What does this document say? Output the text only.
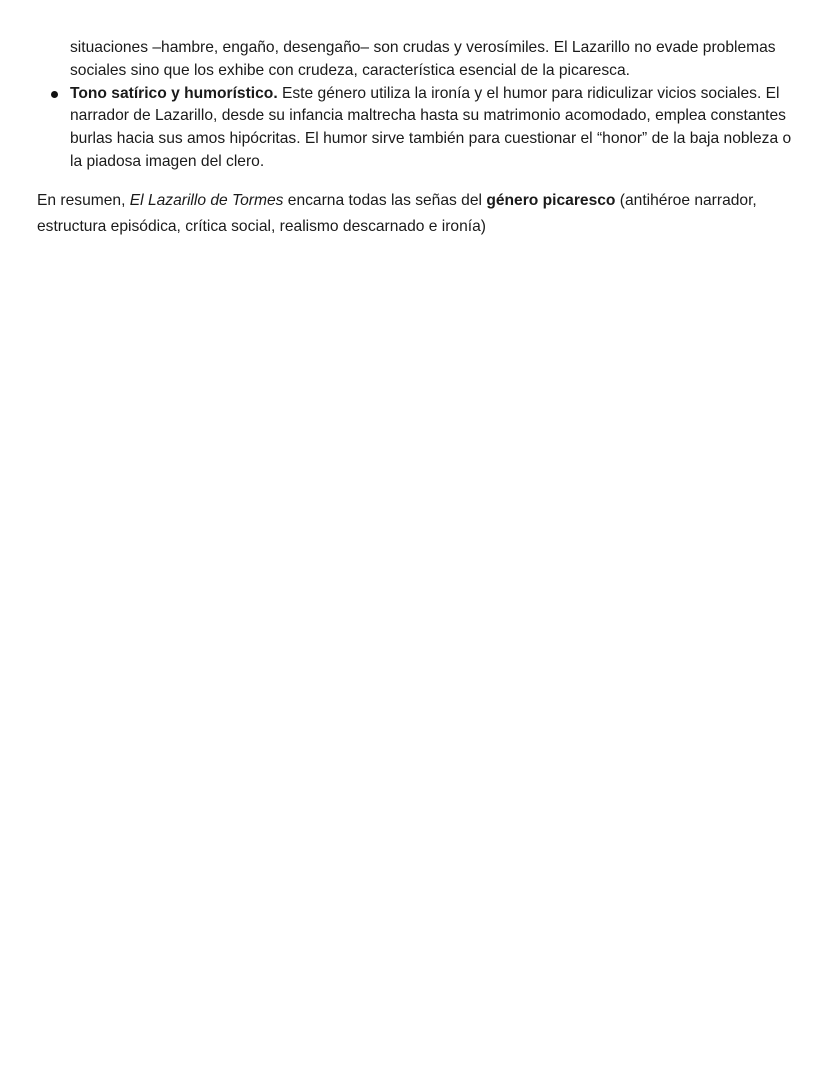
situaciones –hambre, engaño, desengaño– son crudas y verosímiles. El Lazarillo no evade problemas sociales sino que los exhibe con crudeza, característica esencial de la picaresca.

Tono satírico y humorístico. Este género utiliza la ironía y el humor para ridiculizar vicios sociales. El narrador de Lazarillo, desde su infancia maltrecha hasta su matrimonio acomodado, emplea constantes burlas hacia sus amos hipócritas. El humor sirve también para cuestionar el “honor” de la baja nobleza o la piadosa imagen del clero.

En resumen, El Lazarillo de Tormes encarna todas las señas del género picaresco (antihéroe narrador, estructura episódica, crítica social, realismo descarnado e ironía)
